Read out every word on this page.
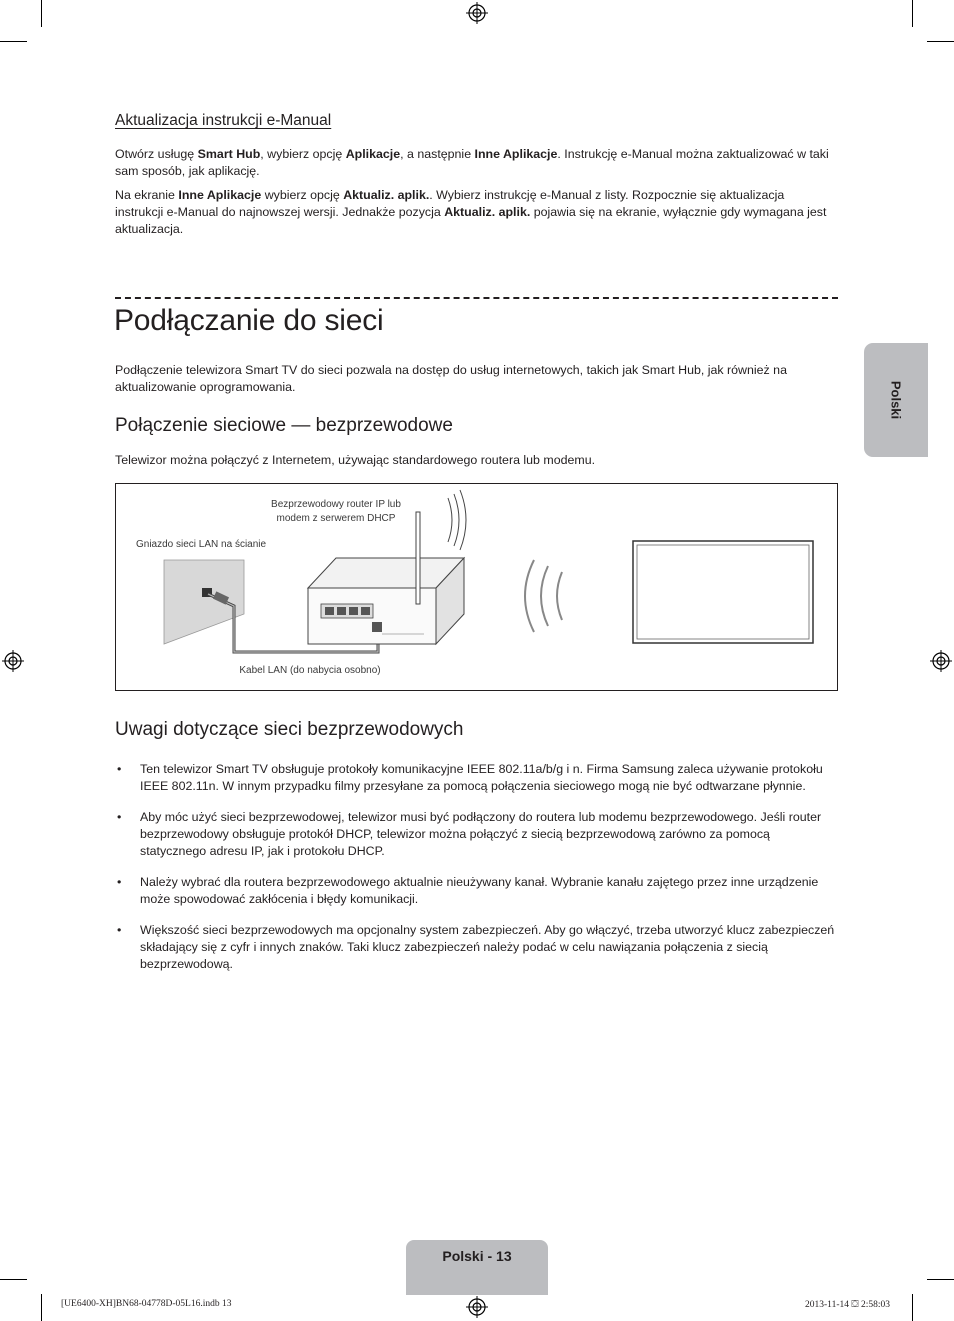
Aktualizacja instrukcji e-Manual
Otwórz usługę Smart Hub, wybierz opcję Aplikacje, a następnie Inne Aplikacje. Instrukcję e-Manual można zaktualizować w taki sam sposób, jak aplikację.
Na ekranie Inne Aplikacje wybierz opcję Aktualiz. aplik.. Wybierz instrukcję e-Manual z listy. Rozpocznie się aktualizacja instrukcji e-Manual do najnowszej wersji. Jednakże pozycja Aktualiz. aplik. pojawia się na ekranie, wyłącznie gdy wymagana jest aktualizacja.
Podłączanie do sieci
Podłączenie telewizora Smart TV do sieci pozwala na dostęp do usług internetowych, takich jak Smart Hub, jak również na aktualizowanie oprogramowania.
Połączenie sieciowe — bezprzewodowe
Telewizor można połączyć z Internetem, używając standardowego routera lub modemu.
Bezprzewodowy router IP lub
modem z serwerem DHCP
Gniazdo sieci LAN na ścianie
Kabel LAN (do nabycia osobno)
Uwagi dotyczące sieci bezprzewodowych
• Ten telewizor Smart TV obsługuje protokoły komunikacyjne IEEE 802.11a/b/g i n. Firma Samsung zaleca używanie protokołu IEEE 802.11n. W innym przypadku filmy przesyłane za pomocą połączenia sieciowego mogą nie być odtwarzane płynnie.
• Aby móc użyć sieci bezprzewodowej, telewizor musi być podłączony do routera lub modemu bezprzewodowego. Jeśli router bezprzewodowy obsługuje protokół DHCP, telewizor można połączyć z siecią bezprzewodową zarówno za pomocą statycznego adresu IP, jak i protokołu DHCP.
• Należy wybrać dla routera bezprzewodowego aktualnie nieużywany kanał. Wybranie kanału zajętego przez inne urządzenie może spowodować zakłócenia i błędy komunikacji.
• Większość sieci bezprzewodowych ma opcjonalny system zabezpieczeń. Aby go włączyć, trzeba utworzyć klucz zabezpieczeń składający się z cyfr i innych znaków. Taki klucz zabezpieczeń należy podać w celu nawiązania połączenia z siecią bezprzewodową.
Polski
Polski - 13
[UE6400-XH]BN68-04778D-05L16.indb 13	2013-11-14 ⛋ 2:58:03
